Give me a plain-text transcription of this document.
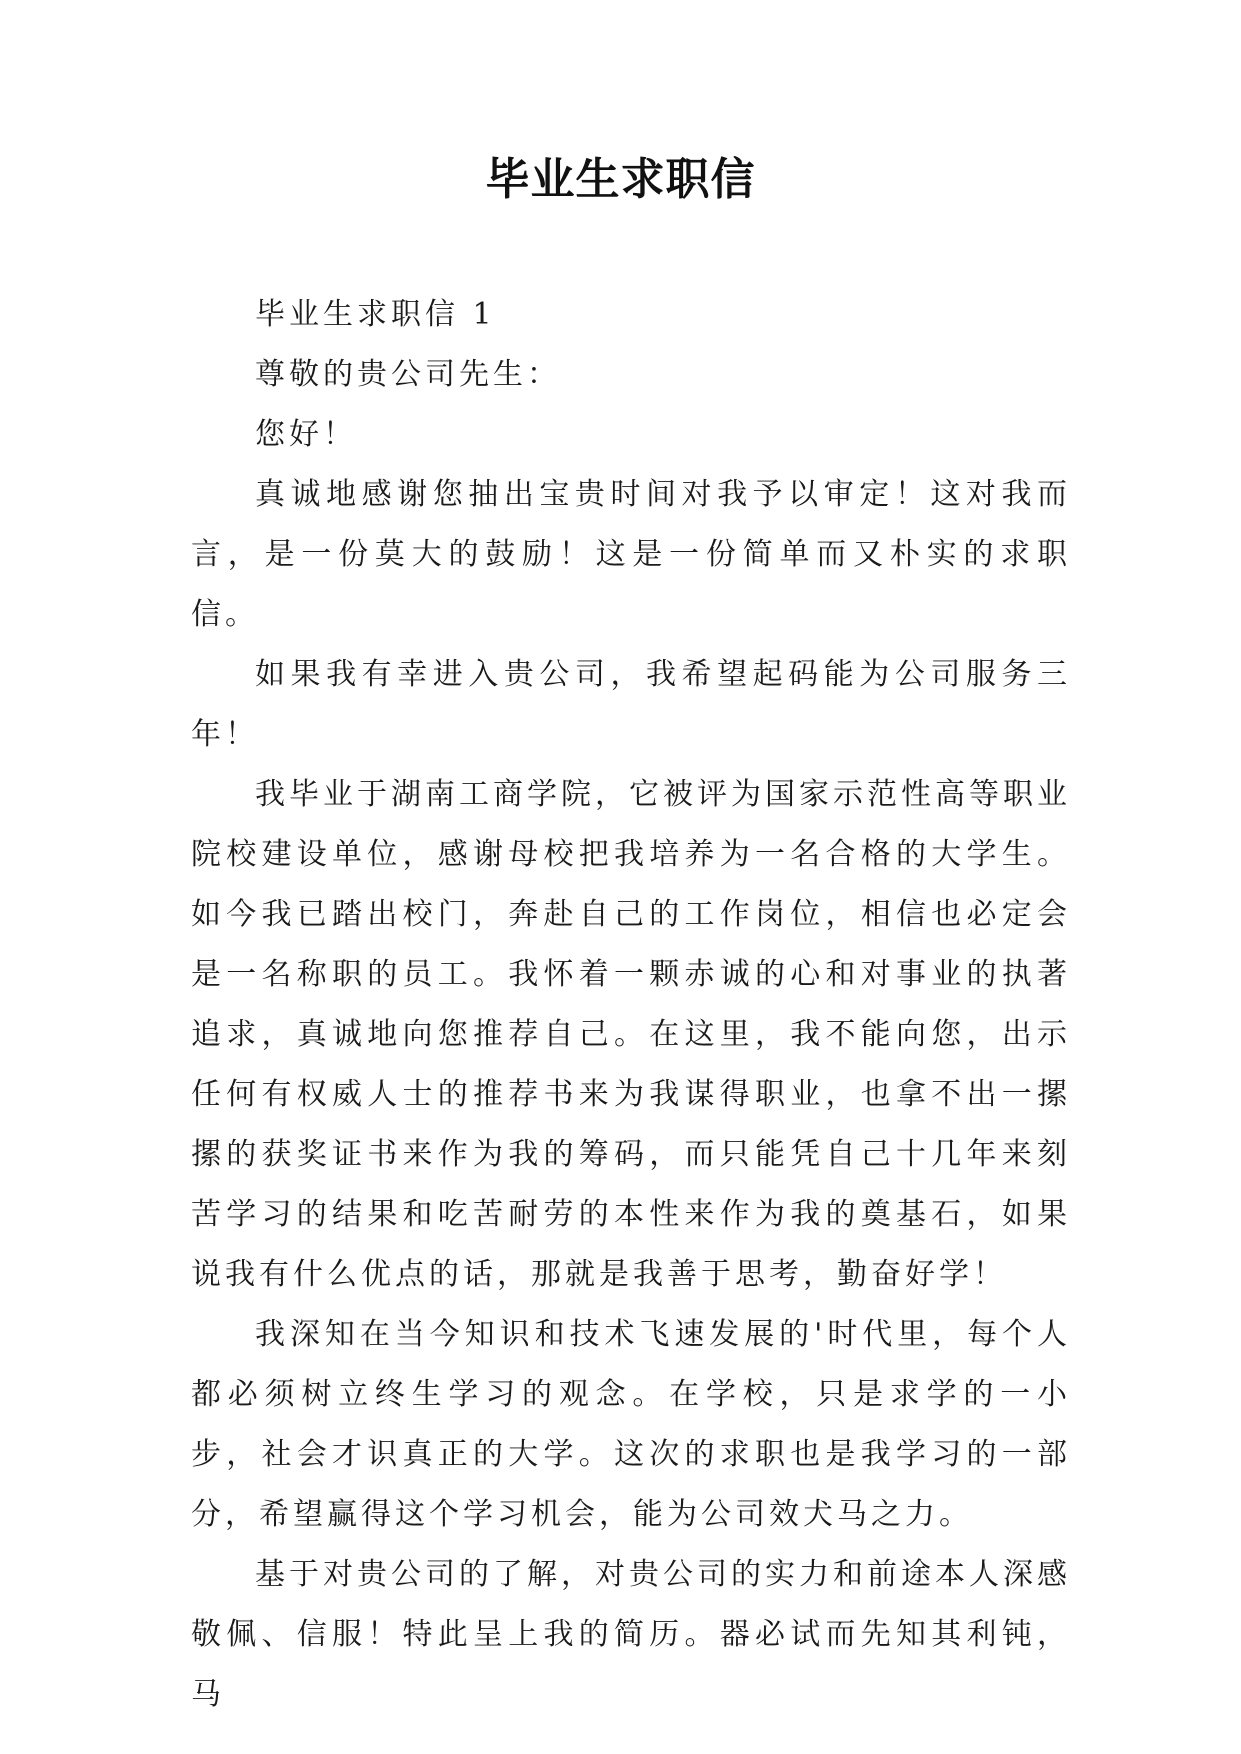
毕业生求职信

毕业生求职信 1

尊敬的贵公司先生：

您好！

真诚地感谢您抽出宝贵时间对我予以审定！这对我而言，是一份莫大的鼓励！这是一份简单而又朴实的求职信。

如果我有幸进入贵公司，我希望起码能为公司服务三年！

我毕业于湖南工商学院，它被评为国家示范性高等职业院校建设单位，感谢母校把我培养为一名合格的大学生。如今我已踏出校门，奔赴自己的工作岗位，相信也必定会是一名称职的员工。我怀着一颗赤诚的心和对事业的执著追求，真诚地向您推荐自己。在这里，我不能向您，出示任何有权威人士的推荐书来为我谋得职业，也拿不出一摞摞的获奖证书来作为我的筹码，而只能凭自己十几年来刻苦学习的结果和吃苦耐劳的本性来作为我的奠基石，如果说我有什么优点的话，那就是我善于思考，勤奋好学！

我深知在当今知识和技术飞速发展的'时代里，每个人都必须树立终生学习的观念。在学校，只是求学的一小步，社会才识真正的大学。这次的求职也是我学习的一部分，希望赢得这个学习机会，能为公司效犬马之力。

基于对贵公司的了解，对贵公司的实力和前途本人深感敬佩、信服！特此呈上我的简历。器必试而先知其利钝，马
